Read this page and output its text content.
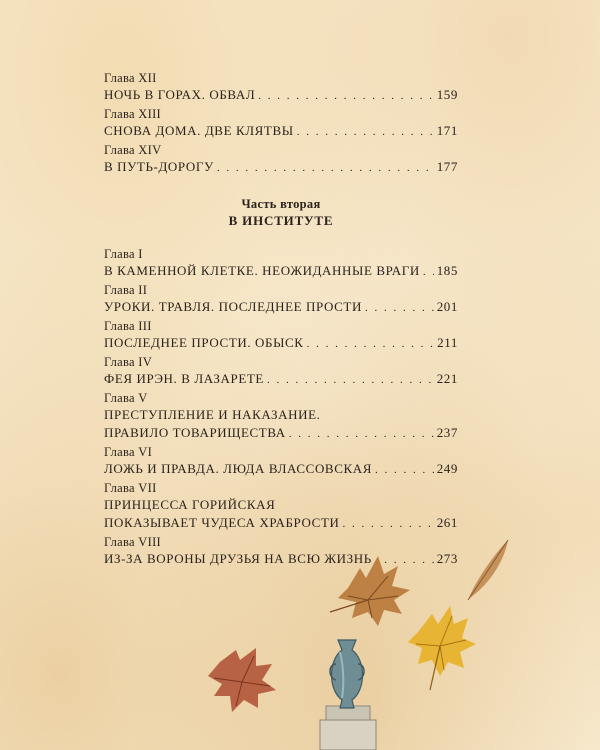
Глава XII
НОЧЬ В ГОРАХ. ОБВАЛ . . .	159
Глава XIII
СНОВА ДОМА. ДВЕ КЛЯТВЫ . . .	171
Глава XIV
В ПУТЬ-ДОРОГУ . . .	177
Часть вторая
В ИНСТИТУТЕ
Глава I
В КАМЕННОЙ КЛЕТКЕ. НЕОЖИДАННЫЕ ВРАГИ . . . 185
Глава II
УРОКИ. ТРАВЛЯ. ПОСЛЕДНЕЕ ПРОСТИ . . .	201
Глава III
ПОСЛЕДНЕЕ ПРОСТИ. ОБЫСК . . .	211
Глава IV
ФЕЯ ИРЭН. В ЛАЗАРЕТЕ . . .	221
Глава V
ПРЕСТУПЛЕНИЕ И НАКАЗАНИЕ.
ПРАВИЛО ТОВАРИЩЕСТВА . . .	237
Глава VI
ЛОЖЬ И ПРАВДА. ЛЮДА ВЛАССОВСКАЯ . . .	249
Глава VII
ПРИНЦЕССА ГОРИЙСКАЯ
ПОКАЗЫВАЕТ ЧУДЕСА ХРАБРОСТИ . . .	261
Глава VIII
ИЗ-ЗА ВОРОНЫ ДРУЗЬЯ НА ВСЮ ЖИЗНЬ . . .	273
